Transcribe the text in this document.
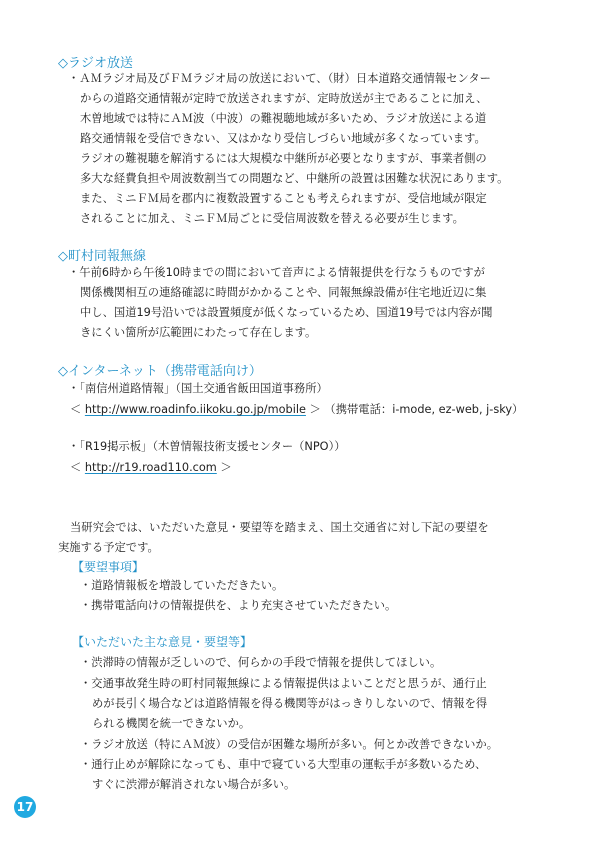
◇ラジオ放送
・ＡＭラジオ局及びＦＭラジオ局の放送において、（財）日本道路交通情報センター
からの道路交通情報が定時で放送されますが、定時放送が主であることに加え、
木曽地域では特にＡＭ波（中波）の難視聴地域が多いため、ラジオ放送による道
路交通情報を受信できない、又はかなり受信しづらい地域が多くなっています。
ラジオの難視聴を解消するには大規模な中継所が必要となりますが、事業者側の
多大な経費負担や周波数割当ての問題など、中継所の設置は困難な状況にあります。
また、ミニＦＭ局を郡内に複数設置することも考えられますが、受信地域が限定
されることに加え、ミニＦＭ局ごとに受信周波数を替える必要が生じます。
◇町村同報無線
・午前6時から午後10時までの間において音声による情報提供を行なうものですが
関係機関相互の連絡確認に時間がかかることや、同報無線設備が住宅地近辺に集
中し、国道19号沿いでは設置頻度が低くなっているため、国道19号では内容が聞
きにくい箇所が広範囲にわたって存在します。
◇インターネット（携帯電話向け）
・「南信州道路情報」（国土交通省飯田国道事務所）
＜ http://www.roadinfo.iikoku.go.jp/mobile ＞ （携帯電話：i-mode, ez-web, j-sky）
・「R19掲示板」（木曽情報技術支援センター（NPO））
＜ http://r19.road110.com ＞
当研究会では、いただいた意見・要望等を踏まえ、国土交通省に対し下記の要望を
実施する予定です。
【要望事項】
・道路情報板を増設していただきたい。
・携帯電話向けの情報提供を、より充実させていただきたい。
【いただいた主な意見・要望等】
・渋滞時の情報が乏しいので、何らかの手段で情報を提供してほしい。
・交通事故発生時の町村同報無線による情報提供はよいことだと思うが、通行止
めが長引く場合などは道路情報を得る機関等がはっきりしないので、情報を得
られる機関を統一できないか。
・ラジオ放送（特にＡＭ波）の受信が困難な場所が多い。何とか改善できないか。
・通行止めが解除になっても、車中で寝ている大型車の運転手が多数いるため、
すぐに渋滞が解消されない場合が多い。
17
